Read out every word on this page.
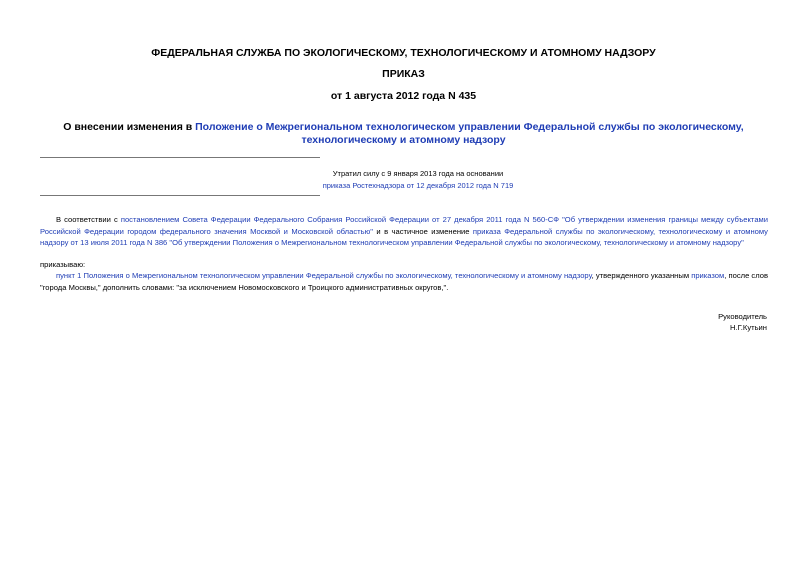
ФЕДЕРАЛЬНАЯ СЛУЖБА ПО ЭКОЛОГИЧЕСКОМУ, ТЕХНОЛОГИЧЕСКОМУ И АТОМНОМУ НАДЗОРУ
ПРИКАЗ
от 1 августа 2012 года N 435
О внесении изменения в Положение о Межрегиональном технологическом управлении Федеральной службы по экологическому, технологическому и атомному надзору
Утратил силу с 9 января 2013 года на основании
приказа Ростехнадзора от 12 декабря 2012 года N 719
В соответствии с постановлением Совета Федерации Федерального Собрания Российской Федерации от 27 декабря 2011 года N 560-СФ "Об утверждении изменения границы между субъектами Российской Федерации городом федерального значения Москвой и Московской областью" и в частичное изменение приказа Федеральной службы по экологическому, технологическому и атомному надзору от 13 июля 2011 года N 386 "Об утверждении Положения о Межрегиональном технологическом управлении Федеральной службы по экологическому, технологическому и атомному надзору"
приказываю:
пункт 1 Положения о Межрегиональном технологическом управлении Федеральной службы по экологическому, технологическому и атомному надзору, утвержденного указанным приказом, после слов "города Москвы," дополнить словами: "за исключением Новомосковского и Троицкого административных округов,".
Руководитель
Н.Г.Кутьин
